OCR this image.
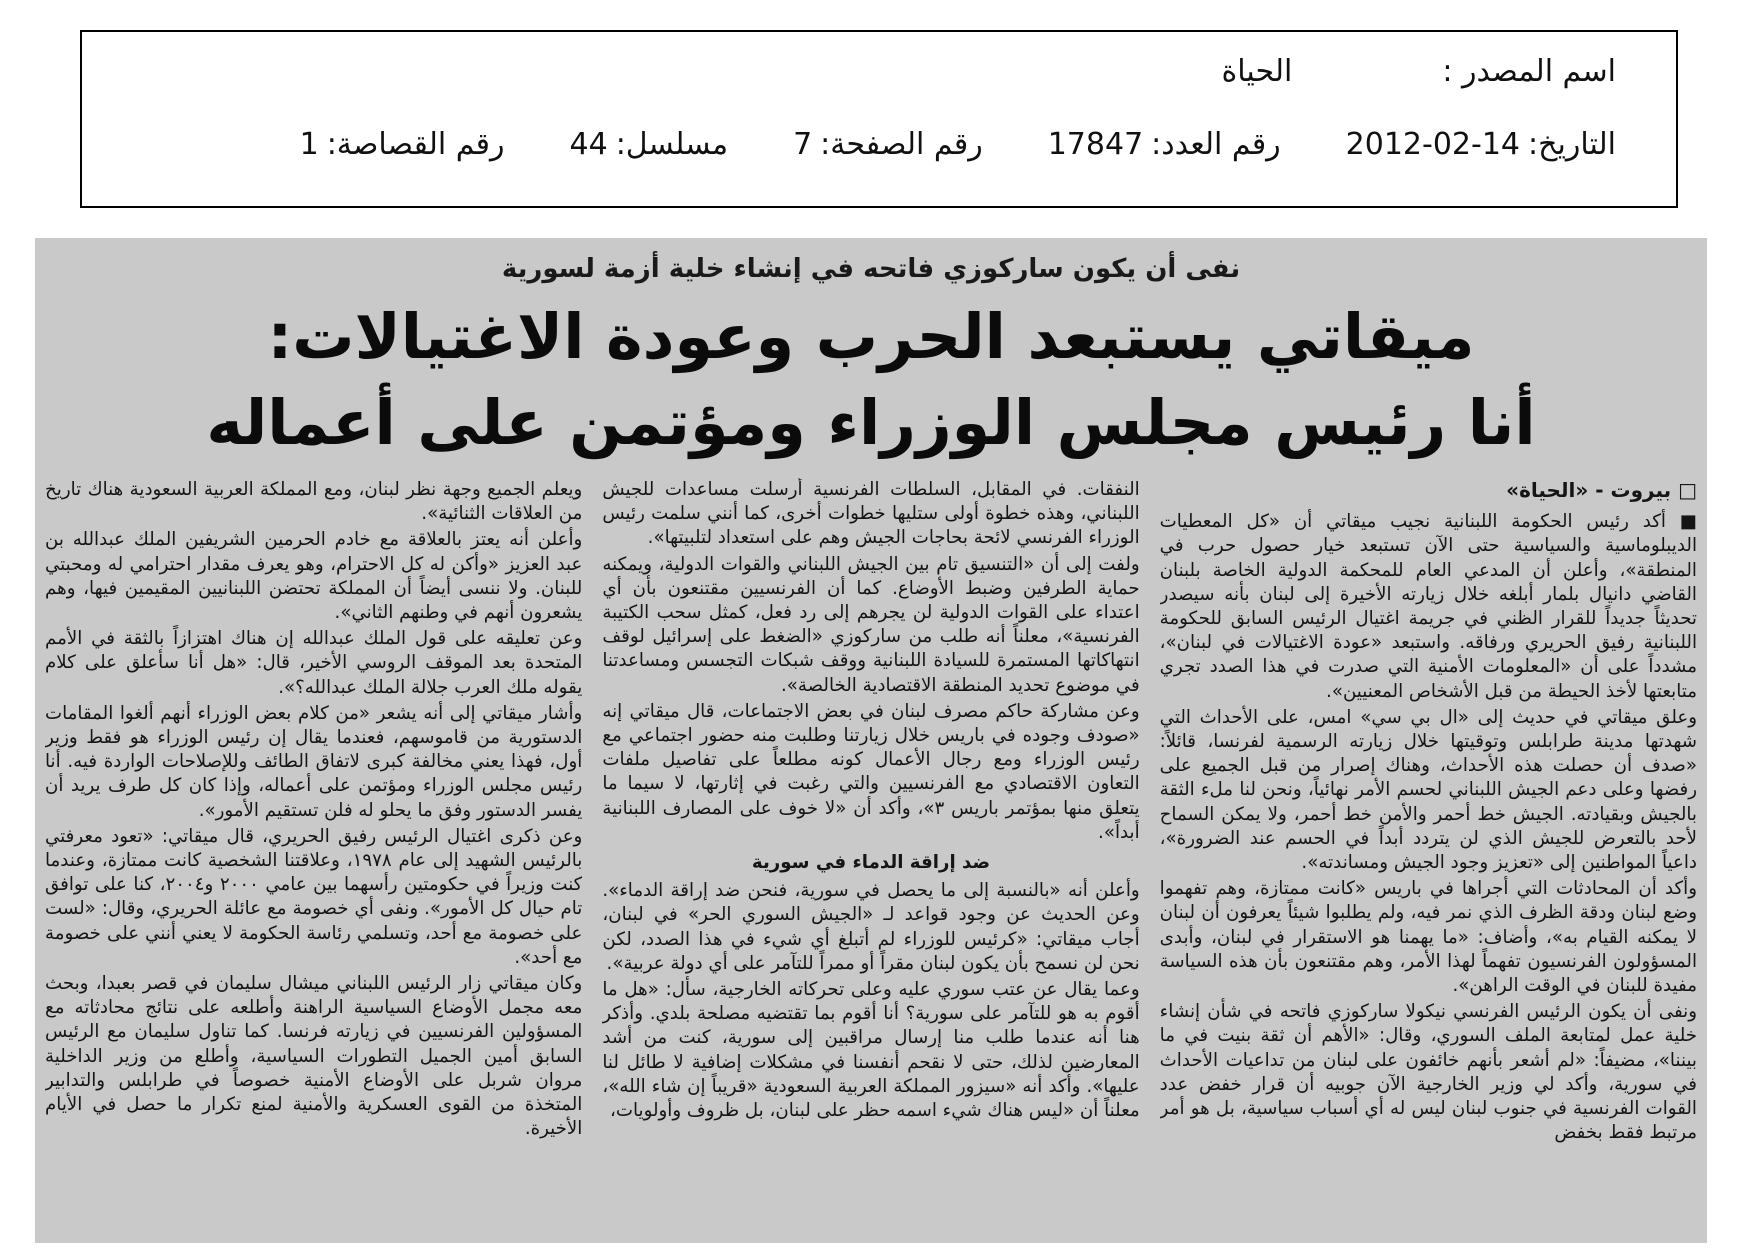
اسم المصدر :
الحياة
التاريخ:
2012-02-14
رقم العدد:
17847
رقم الصفحة:
7
مسلسل:
44
رقم القصاصة:
1
نفى أن يكون ساركوزي فاتحه في إنشاء خلية أزمة لسورية
ميقاتي يستبعد الحرب وعودة الاغتيالات:
أنا رئيس مجلس الوزراء ومؤتمن على أعماله
□ بيروت - «الحياة»

■ أكد رئيس الحكومة اللبنانية نجيب ميقاتي أن «كل المعطيات الديبلوماسية والسياسية حتى الآن تستبعد خيار حصول حرب في المنطقة»، وأعلن أن المدعي العام للمحكمة الدولية الخاصة بلبنان القاضي دانيال بلمار أبلغه خلال زيارته الأخيرة إلى لبنان بأنه سيصدر تحديثاً جديداً للقرار الظني في جريمة اغتيال الرئيس السابق للحكومة اللبنانية رفيق الحريري ورفاقه. واستبعد «عودة الاغتيالات في لبنان»، مشدداً على أن «المعلومات الأمنية التي صدرت في هذا الصدد تجري متابعتها لأخذ الحيطة من قبل الأشخاص المعنيين».

وعلق ميقاتي في حديث إلى «ال بي سي» امس، على الأحداث التي شهدتها مدينة طرابلس وتوقيتها خلال زيارته الرسمية لفرنسا، قائلاً: «صدف أن حصلت هذه الأحداث، وهناك إصرار من قبل الجميع على رفضها وعلى دعم الجيش اللبناني لحسم الأمر نهائياً، ونحن لنا ملء الثقة بالجيش وبقيادته. الجيش خط أحمر والأمن خط أحمر، ولا يمكن السماح لأحد بالتعرض للجيش الذي لن يتردد أبداً في الحسم عند الضرورة»، داعياً المواطنين إلى «تعزيز وجود الجيش ومساندته».

وأكد أن المحادثات التي أجراها في باريس «كانت ممتازة، وهم تفهموا وضع لبنان ودقة الظرف الذي نمر فيه، ولم يطلبوا شيئاً يعرفون أن لبنان لا يمكنه القيام به»، وأضاف: «ما يهمنا هو الاستقرار في لبنان، وأبدى المسؤولون الفرنسيون تفهماً لهذا الأمر، وهم مقتنعون بأن هذه السياسة مفيدة للبنان في الوقت الراهن».

ونفى أن يكون الرئيس الفرنسي نيكولا ساركوزي فاتحه في شأن إنشاء خلية عمل لمتابعة الملف السوري، وقال: «الأهم أن ثقة بنيت في ما بيننا»، مضيفاً: «لم أشعر بأنهم خائفون على لبنان من تداعيات الأحداث في سورية، وأكد لي وزير الخارجية الآن جوبيه أن قرار خفض عدد القوات الفرنسية في جنوب لبنان ليس له أي أسباب سياسية، بل هو أمر مرتبط فقط بخفض

النفقات. في المقابل، السلطات الفرنسية أرسلت مساعدات للجيش اللبناني، وهذه خطوة أولى ستليها خطوات أخرى، كما أنني سلمت رئيس الوزراء الفرنسي لائحة بحاجات الجيش وهم على استعداد لتلبيتها».

ولفت إلى أن «التنسيق تام بين الجيش اللبناني والقوات الدولية، ويمكنه حماية الطرفين وضبط الأوضاع. كما أن الفرنسيين مقتنعون بأن أي اعتداء على القوات الدولية لن يجرهم إلى رد فعل، كمثل سحب الكتيبة الفرنسية»، معلناً أنه طلب من ساركوزي «الضغط على إسرائيل لوقف انتهاكاتها المستمرة للسيادة اللبنانية ووقف شبكات التجسس ومساعدتنا في موضوع تحديد المنطقة الاقتصادية الخالصة».

وعن مشاركة حاكم مصرف لبنان في بعض الاجتماعات، قال ميقاتي إنه «صودف وجوده في باريس خلال زيارتنا وطلبت منه حضور اجتماعي مع رئيس الوزراء ومع رجال الأعمال كونه مطلعاً على تفاصيل ملفات التعاون الاقتصادي مع الفرنسيين والتي رغبت في إثارتها، لا سيما ما يتعلق منها بمؤتمر باريس ٣»، وأكد أن «لا خوف على المصارف اللبنانية أبداً».

ضد إراقة الدماء في سورية

وأعلن أنه «بالنسبة إلى ما يحصل في سورية، فنحن ضد إراقة الدماء». وعن الحديث عن وجود قواعد لـ «الجيش السوري الحر» في لبنان، أجاب ميقاتي: «كرئيس للوزراء لم أتبلغ أي شيء في هذا الصدد، لكن نحن لن نسمح بأن يكون لبنان مقراً أو ممراً للتآمر على أي دولة عربية».

وعما يقال عن عتب سوري عليه وعلى تحركاته الخارجية، سأل: «هل ما أقوم به هو للتآمر على سورية؟ أنا أقوم بما تقتضيه مصلحة بلدي. وأذكر هنا أنه عندما طلب منا إرسال مراقبين إلى سورية، كنت من أشد المعارضين لذلك، حتى لا نقحم أنفسنا في مشكلات إضافية لا طائل لنا عليها». وأكد أنه «سيزور المملكة العربية السعودية «قريباً إن شاء الله»، معلناً أن «ليس هناك شيء اسمه حظر على لبنان، بل ظروف وأولويات،

ويعلم الجميع وجهة نظر لبنان، ومع المملكة العربية السعودية هناك تاريخ من العلاقات الثنائية».

وأعلن أنه يعتز بالعلاقة مع خادم الحرمين الشريفين الملك عبدالله بن عبد العزيز «وأكن له كل الاحترام، وهو يعرف مقدار احترامي له ومحبتي للبنان. ولا ننسى أيضاً أن المملكة تحتضن اللبنانيين المقيمين فيها، وهم يشعرون أنهم في وطنهم الثاني».

وعن تعليقه على قول الملك عبدالله إن هناك اهتزازاً بالثقة في الأمم المتحدة بعد الموقف الروسي الأخير، قال: «هل أنا سأعلق على كلام يقوله ملك العرب جلالة الملك عبدالله؟».

وأشار ميقاتي إلى أنه يشعر «من كلام بعض الوزراء أنهم ألغوا المقامات الدستورية من قاموسهم، فعندما يقال إن رئيس الوزراء هو فقط وزير أول، فهذا يعني مخالفة كبرى لاتفاق الطائف وللإصلاحات الواردة فيه. أنا رئيس مجلس الوزراء ومؤتمن على أعماله، وإذا كان كل طرف يريد أن يفسر الدستور وفق ما يحلو له فلن تستقيم الأمور».

وعن ذكرى اغتيال الرئيس رفيق الحريري، قال ميقاتي: «تعود معرفتي بالرئيس الشهيد إلى عام ١٩٧٨، وعلاقتنا الشخصية كانت ممتازة، وعندما كنت وزيراً في حكومتين رأسهما بين عامي ٢٠٠٠ و٢٠٠٤، كنا على توافق تام حيال كل الأمور». ونفى أي خصومة مع عائلة الحريري، وقال: «لست على خصومة مع أحد، وتسلمي رئاسة الحكومة لا يعني أنني على خصومة مع أحد».

وكان ميقاتي زار الرئيس اللبناني ميشال سليمان في قصر بعبدا، وبحث معه مجمل الأوضاع السياسية الراهنة وأطلعه على نتائج محادثاته مع المسؤولين الفرنسيين في زيارته فرنسا. كما تناول سليمان مع الرئيس السابق أمين الجميل التطورات السياسية، وأطلع من وزير الداخلية مروان شربل على الأوضاع الأمنية خصوصاً في طرابلس والتدابير المتخذة من القوى العسكرية والأمنية لمنع تكرار ما حصل في الأيام الأخيرة.
